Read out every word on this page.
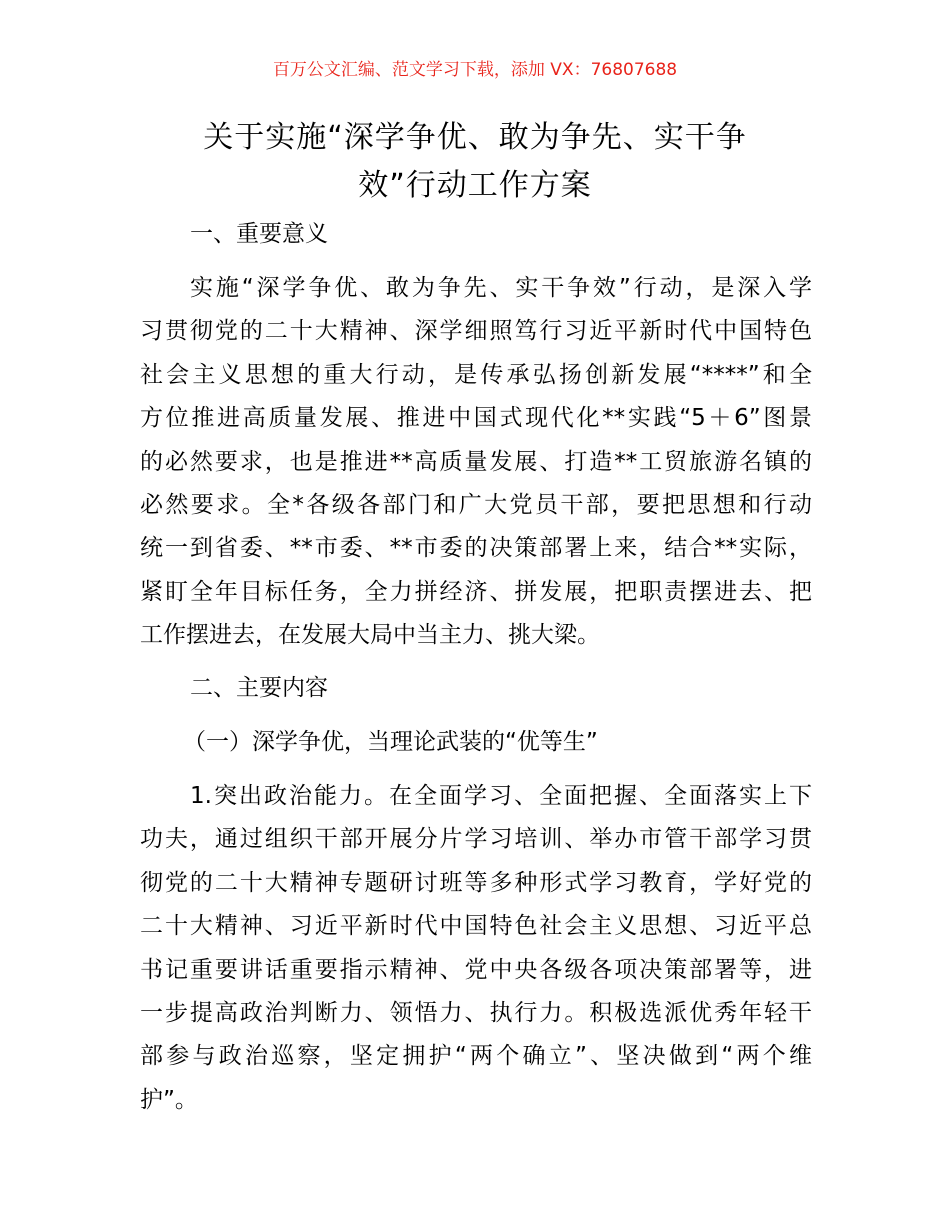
百万公文汇编、范文学习下载，添加 VX：76807688
关于实施“深学争优、敢为争先、实干争
效”行动工作方案
一、重要意义
实施“深学争优、敢为争先、实干争效”行动，是深入学
习贯彻党的二十大精神、深学细照笃行习近平新时代中国特色
社会主义思想的重大行动，是传承弘扬创新发展“****”和全
方位推进高质量发展、推进中国式现代化**实践“5＋6”图景
的必然要求，也是推进**高质量发展、打造**工贸旅游名镇的
必然要求。全*各级各部门和广大党员干部，要把思想和行动
统一到省委、**市委、**市委的决策部署上来，结合**实际，
紧盯全年目标任务，全力拼经济、拼发展，把职责摆进去、把
工作摆进去，在发展大局中当主力、挑大梁。
二、主要内容
（一）深学争优，当理论武装的“优等生”
1.突出政治能力。在全面学习、全面把握、全面落实上下
功夫，通过组织干部开展分片学习培训、举办市管干部学习贯
彻党的二十大精神专题研讨班等多种形式学习教育，学好党的
二十大精神、习近平新时代中国特色社会主义思想、习近平总
书记重要讲话重要指示精神、党中央各级各项决策部署等，进
一步提高政治判断力、领悟力、执行力。积极选派优秀年轻干
部参与政治巡察，坚定拥护“两个确立”、坚决做到“两个维
护”。
